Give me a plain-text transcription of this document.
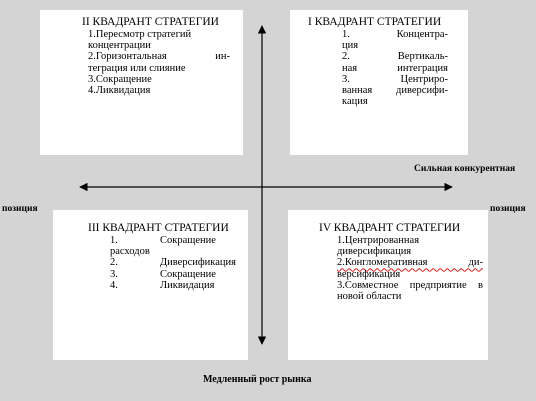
II КВАДРАНТ СТРАТЕГИИ
1.Пересмотр стратегий
концентрации
2.Горизонтальная ин-
теграция или слияние
3.Сокращение
4.Ликвидация
I КВАДРАНТ СТРАТЕГИИ
1. Концентра-
ция
2. Вертикаль-
ная интеграция
3. Центриро-
ванная диверсифи-
кация
III КВАДРАНТ СТРАТЕГИИ
1.	Сокращение
расходов
2.	Диверсификация
3.	Сокращение
4.	Ликвидация
IV КВАДРАНТ СТРАТЕГИИ
1.Центрированная
диверсификация
2.Конгломеративная ди-
версификация
3.Совместное предприятие в
новой области
Сильная конкурентная
позиция	позиция
Медленный рост рынка
